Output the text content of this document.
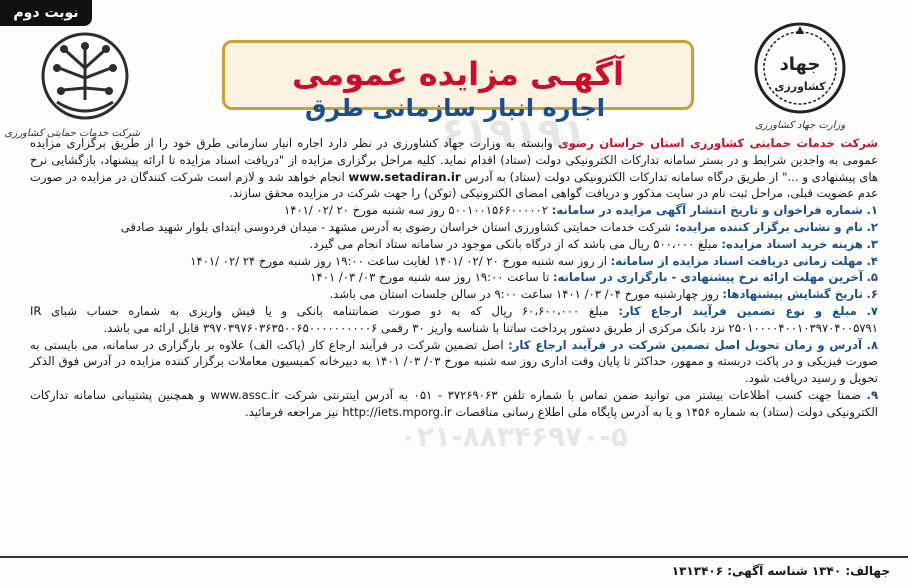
نوبت دوم
شرکت خدمات حمایتی کشاورزی
جهاد
کشاورزی
وزارت جهاد کشاورزی
آگهـی مزایده عمومی
اجاره انبار سازمانی طرق

شرکت خدمات حمایتی کشاورزی استان خراسان رضوی وابسته به وزارت جهاد کشاورزی در نظر دارد اجاره انبار سازمانی طرق خود را از طریق برگزاری مزایده عمومی به واجدین شرایط و در بستر سامانه تدارکات الکترونیکی دولت (ستاد) اقدام نماید. کلیه مراحل برگزاری مزایده از "دریافت اسناد مزایده تا ارائه پیشنهاد، بازگشایی نرخ های پیشنهادی و ..." از طریق درگاه سامانه تدارکات الکترونیکی دولت (ستاد) به آدرس www.setadiran.ir انجام خواهد شد و لازم است شرکت کنندگان در مزایده در صورت عدم عضویت قبلی، مراحل ثبت نام در سایت مذکور و دریافت گواهی امضای الکترونیکی (توکن) را جهت شرکت در مزایده محقق سازند.

۱. شماره فراخوان و تاریخ انتشار آگهی مزایده در سامانه: ۵۰۰۱۰۰۱۵۶۶۰۰۰۰۰۲ روز سه شنبه مورخ ۲۰ /۰۲ /۱۴۰۱

۲. نام و نشانی برگزار کننده مزایده: شرکت خدمات حمایتی کشاورزی استان خراسان رضوی به آدرس مشهد - میدان فردوسی ابتدای بلوار شهید صادقی

۳. هزینه خرید اسناد مزایده: مبلغ ۵۰۰،۰۰۰ ریال می باشد که از درگاه بانکی موجود در سامانه ستاد انجام می گیرد.

۴. مهلت زمانی دریافت اسناد مزایده از سامانه: از روز سه شنبه مورخ ۲۰ /۰۲ /۱۴۰۱ لغایت ساعت ۱۹:۰۰ روز شنبه مورخ ۲۴ /۰۲ /۱۴۰۱

۵. آخرین مهلت ارائه نرخ پیشنهادی - بارگزاری در سامانه: تا ساعت ۱۹:۰۰ روز سه شنبه مورخ ۰۳/ ۰۳/ ۱۴۰۱

۶. تاریخ گشایش پیشنهادها: روز چهارشنبه مورخ ۰۴/ ۰۳/ ۱۴۰۱ ساعت ۹:۰۰ در سالن جلسات استان می باشد.

۷. مبلغ و نوع تضمین فرآیند ارجاع کار: مبلغ ۶۰،۶۰۰،۰۰۰ ریال که به دو صورت ضمانتنامه بانکی و یا فیش واریزی به شماره حساب شبای IR ۲۵۰۱۰۰۰۰۴۰۰۱۰۳۹۷۰۴۰۰۵۷۹۱ نزد بانک مرکزی از طریق دستور پرداخت ساتنا با شناسه واریز ۳۰ رقمی ۳۹۷۰۳۹۷۶۰۳۶۳۵۰۰۶۵۰۰۰۰۰۰۰۰۰۰۶ قابل ارائه می باشد.

۸. آدرس و زمان تحویل اصل تضمین شرکت در فرآیند ارجاع کار: اصل تضمین شرکت در فرآیند ارجاع کار (پاکت الف) علاوه بر بارگزاری در سامانه، می بایستی به صورت فیزیکی و در پاکت دربسته و ممهور، حداکثر تا پایان وقت اداری روز سه شنبه مورخ ۰۳/ ۰۳/ ۱۴۰۱ به دبیرخانه کمیسیون معاملات برگزار کننده مزایده در آدرس فوق الذکر تحویل و رسید دریافت شود.

۹. ضمنا جهت کسب اطلاعات بیشتر می توانید ضمن تماس با شماره تلفن ۳۷۲۶۹۰۶۳ - ۰۵۱ به آدرس اینترنتی شرکت www.assc.ir و همچنین پشتیبانی سامانه تدارکات الکترونیکی دولت (ستاد) به شماره ۱۴۵۶ و یا به آدرس پایگاه ملی اطلاع رسانی مناقصات http://iets.mporg.ir نیز مراجعه فرمائید.

۶۱۹۱۹۱
۰۲۱-۸۸۳۴۶۹۷۰-۵
جهالف: ۱۳۴۰ شناسه آگهی: ۱۳۱۳۴۰۶
